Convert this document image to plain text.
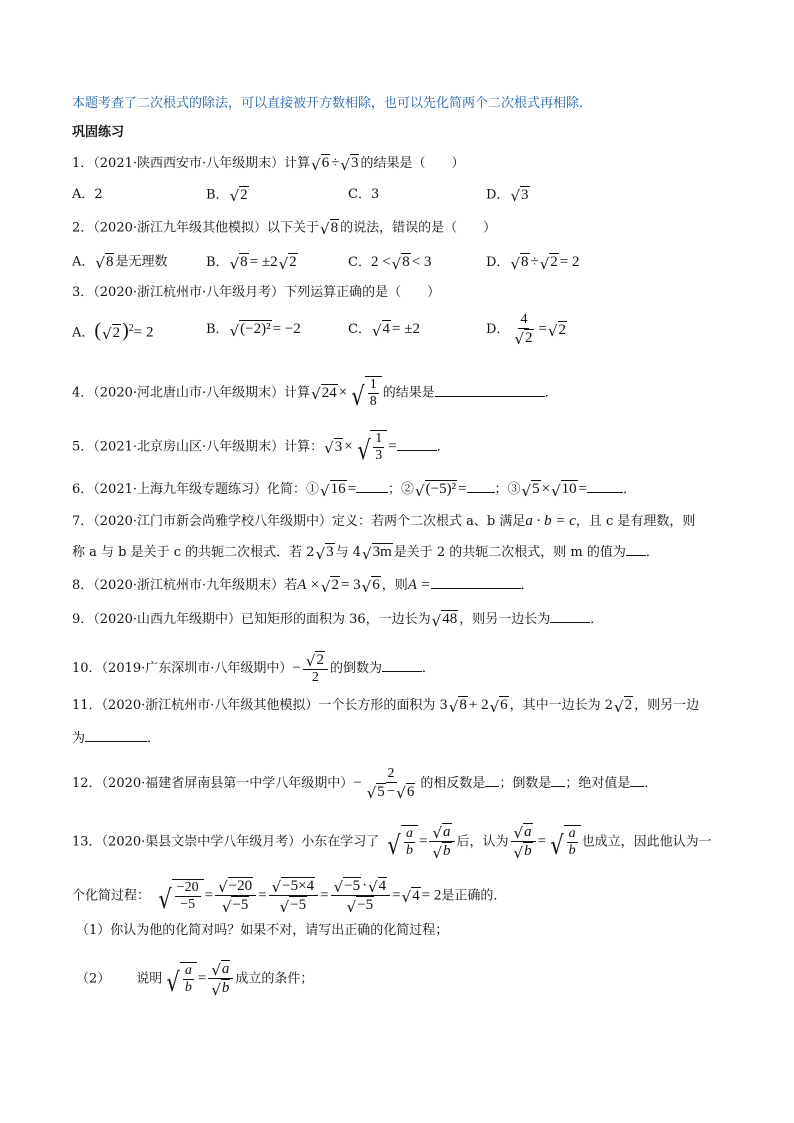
本题考查了二次根式的除法，可以直接被开方数相除，也可以先化简两个二次根式再相除．
巩固练习
1．（2021·陕西西安市·八年级期末）计算 √ 6 ÷ √ 3 的结果是（　　）
A．2	B． √ 2	C．3	D． √ 3
2．（2020·浙江九年级其他模拟）以下关于 √ 8 的说法，错误的是（　　）
A． √ 8 是无理数	B． √ 8 = ±2 √ 2	C．2 < √ 8 < 3	D． √ 8 ÷ √ 2 = 2
3．（2020·浙江杭州市·八年级月考）下列运算正确的是（　　）
A．( √ 2 )$^2$= 2	B． √ (−2)² = −2	C． √ 4 = ±2	D． $\frac{4}{√ 2}$ = √ 2
4．（2020·河北唐山市·八年级期末）计算 √ 24 × √ $\frac{1}{8}$ 的结果是	．
5．（2021·北京房山区·八年级期末）计算： √ 3 × √ $\frac{1}{3}$ =	．
6．（2021·上海九年级专题练习）化简：① √ 16 = ；② √ (−5)² = ；③ √ 5 × √ 10 =	．
7．（2020·江门市新会尚雅学校八年级期中）定义：若两个二次根式 a、b 满足a · b = c，且 c 是有理数，则
称 a 与 b 是关于 c 的共轭二次根式．若 2 √ 3 与 4 √ 3m 是关于 2 的共轭二次根式，则 m 的值为 ．
8．（2020·浙江杭州市·九年级期末）若A × √ 2 = 3 √ 6 ，则A =	．
9．（2020·山西九年级期中）已知矩形的面积为 36，一边长为 √ 48 ，则另一边长为	．
10．（2019·广东深圳市·八年级期中）− $\frac{√ 2}{2}$ 的倒数为	．
11．（2020·浙江杭州市·八年级其他模拟）一个长方形的面积为 3 √ 8 + 2 √ 6 ，其中一边长为 2 √ 2 ，则另一边
为	．
12．（2020·福建省屏南县第一中学八年级期中）− $\frac{2}{√ 5 - √ 6}$ 的相反数是 ；倒数是 ；绝对值是 ．
13．（2020·渠县文崇中学八年级月考）小东在学习了 √ $\frac{a}{b} = \frac{√ a}{√ b}$ 后，认为 $\frac{√ a}{√ b}$ = √ $\frac{a}{b}$ 也成立，因此他认为一
个化简过程： √ $\frac{-20}{-5} = \frac{√ -20}{√ -5} = \frac{√ -5\times 4}{√ -5} = \frac{√ -5 \cdot √ 4}{√ -5}$ = √ 4 = 2是正确的．
（1）你认为他的化简对吗？如果不对，请写出正确的化简过程；
（2） 说明 √ $\frac{a}{b} = \frac{√ a}{√ b}$ 成立的条件；
